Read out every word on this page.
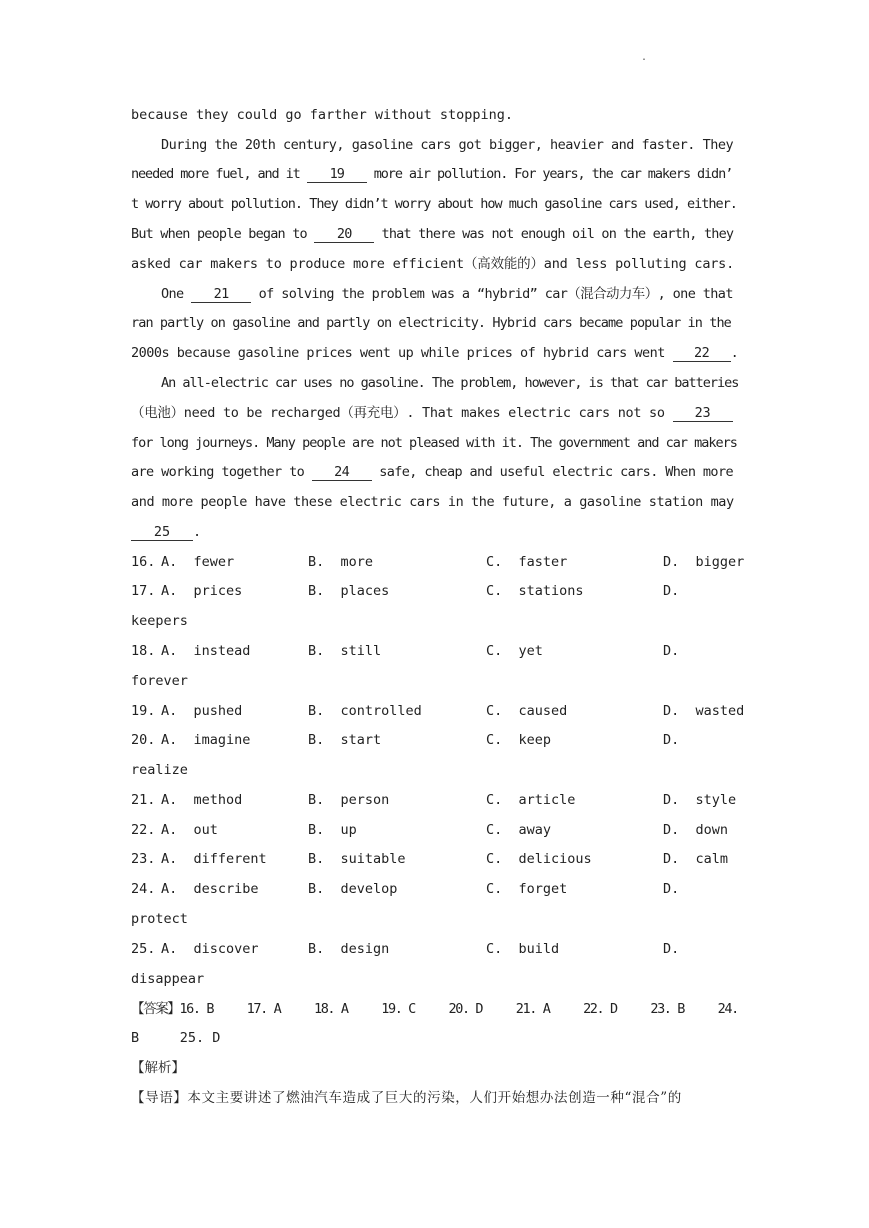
.
because they could go farther without stopping.
During the 20th century, gasoline cars got bigger, heavier and faster. They
needed more fuel, and it 19 more air pollution. For years, the car makers didn’
t worry about pollution. They didn’t worry about how much gasoline cars used, either.
But when people began to 20 that there was not enough oil on the earth, they
asked car makers to produce more efficient（高效能的）and less polluting cars.
One 21 of solving the problem was a “hybrid” car（混合动力车）, one that
ran partly on gasoline and partly on electricity. Hybrid cars became popular in the
2000s because gasoline prices went up while prices of hybrid cars went 22 .
An all-electric car uses no gasoline. The problem, however, is that car batteries
（电池）need to be recharged（再充电）. That makes electric cars not so 23
for long journeys. Many people are not pleased with it. The government and car makers
are working together to 24 safe, cheap and useful electric cars. When more
and more people have these electric cars in the future, a gasoline station may
25 .
16. A.  fewer	B.  more	C.  faster	D.  bigger
17. A.  prices	B.  places	C.  stations	D.
keepers
18. A.  instead	B.  still	C.  yet	D.
forever
19. A.  pushed	B.  controlled	C.  caused	D.  wasted
20. A.  imagine	B.  start	C.  keep	D.
realize
21. A.  method	B.  person	C.  article	D.  style
22. A.  out	B.  up	C.  away	D.  down
23. A.  different	B.  suitable	C.  delicious	D.  calm
24. A.  describe	B.  develop	C.  forget	D.
protect
25. A.  discover	B.  design	C.  build	D.
disappear
【答案】16. B     17. A     18. A     19. C     20. D     21. A     22. D     23. B     24.
B     25. D
【解析】
【导语】本文主要讲述了燃油汽车造成了巨大的污染，人们开始想办法创造一种“混合”的
